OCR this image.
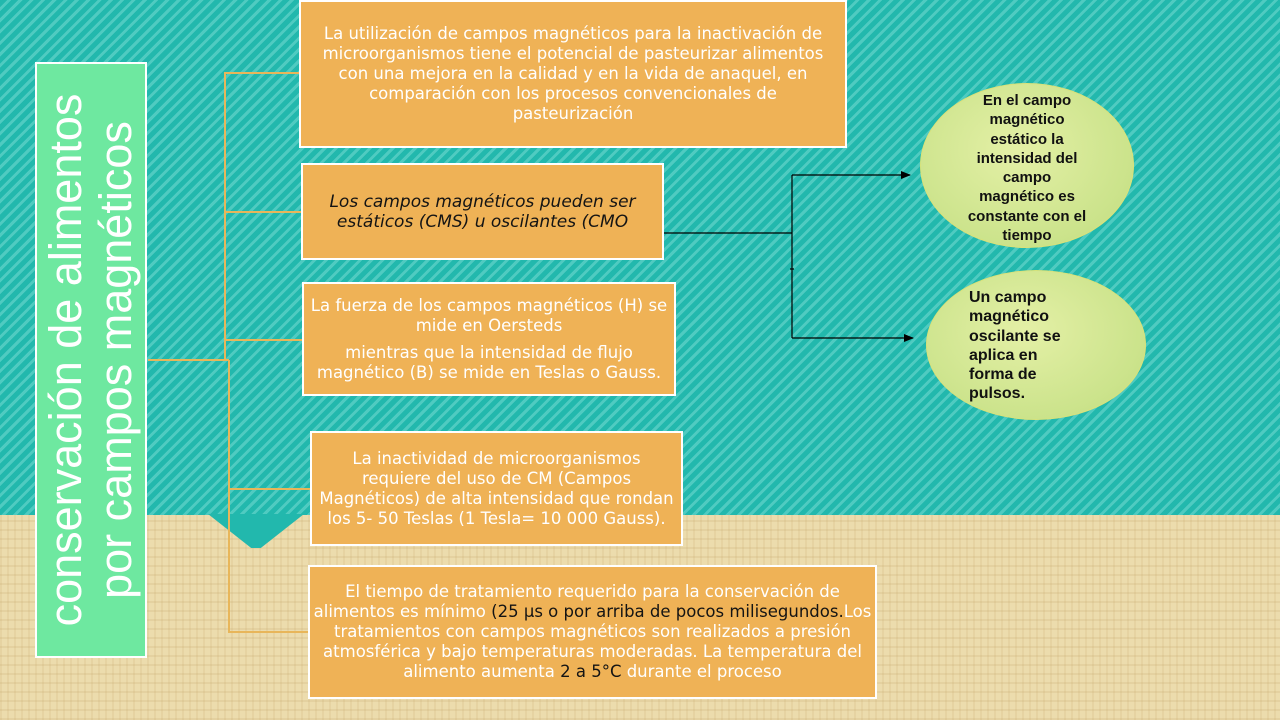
conservación de alimentos por campos magnéticos

La utilización de campos magnéticos para la inactivación de microorganismos tiene el potencial de pasteurizar alimentos con una mejora en la calidad y en la vida de anaquel, en comparación con los procesos convencionales de pasteurización

Los campos magnéticos pueden ser estáticos (CMS) u oscilantes (CMO

La fuerza de los campos magnéticos (H) se mide en Oersteds

mientras que la intensidad de flujo magnético (B) se mide en Teslas o Gauss.

La inactividad de microorganismos requiere del uso de CM (Campos Magnéticos) de alta intensidad que rondan los 5- 50 Teslas (1 Tesla= 10 000 Gauss).

El tiempo de tratamiento requerido para la conservación de alimentos es mínimo (25 µs o por arriba de pocos milisegundos.Los tratamientos con campos magnéticos son realizados a presión atmosférica y bajo temperaturas moderadas. La temperatura del alimento aumenta 2 a 5°C durante el proceso

En el campo
magnético
estático la
intensidad del
campo
magnético es
constante con el
tiempo
Un campo
magnético
oscilante se
aplica en
forma de
pulsos.
